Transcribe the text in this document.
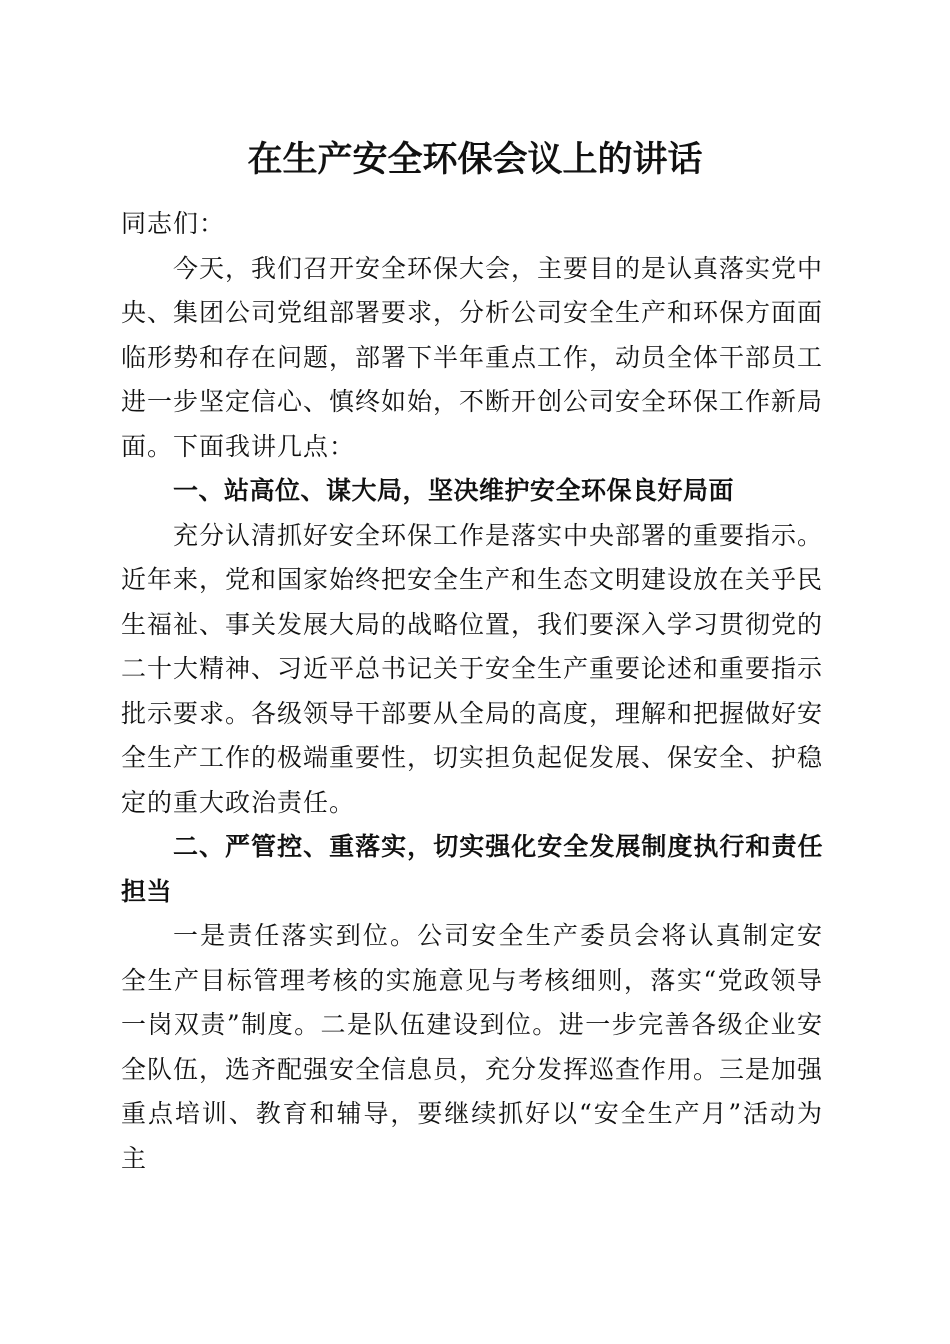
在生产安全环保会议上的讲话

同志们：

今天，我们召开安全环保大会，主要目的是认真落实党中央、集团公司党组部署要求，分析公司安全生产和环保方面面临形势和存在问题，部署下半年重点工作，动员全体干部员工进一步坚定信心、慎终如始，不断开创公司安全环保工作新局面。下面我讲几点：

一、站高位、谋大局，坚决维护安全环保良好局面

充分认清抓好安全环保工作是落实中央部署的重要指示。近年来，党和国家始终把安全生产和生态文明建设放在关乎民生福祉、事关发展大局的战略位置，我们要深入学习贯彻党的二十大精神、习近平总书记关于安全生产重要论述和重要指示批示要求。各级领导干部要从全局的高度，理解和把握做好安全生产工作的极端重要性，切实担负起促发展、保安全、护稳定的重大政治责任。

二、严管控、重落实，切实强化安全发展制度执行和责任担当

一是责任落实到位。公司安全生产委员会将认真制定安全生产目标管理考核的实施意见与考核细则，落实“党政领导一岗双责”制度。二是队伍建设到位。进一步完善各级企业安全队伍，选齐配强安全信息员，充分发挥巡查作用。三是加强重点培训、教育和辅导，要继续抓好以“安全生产月”活动为主
